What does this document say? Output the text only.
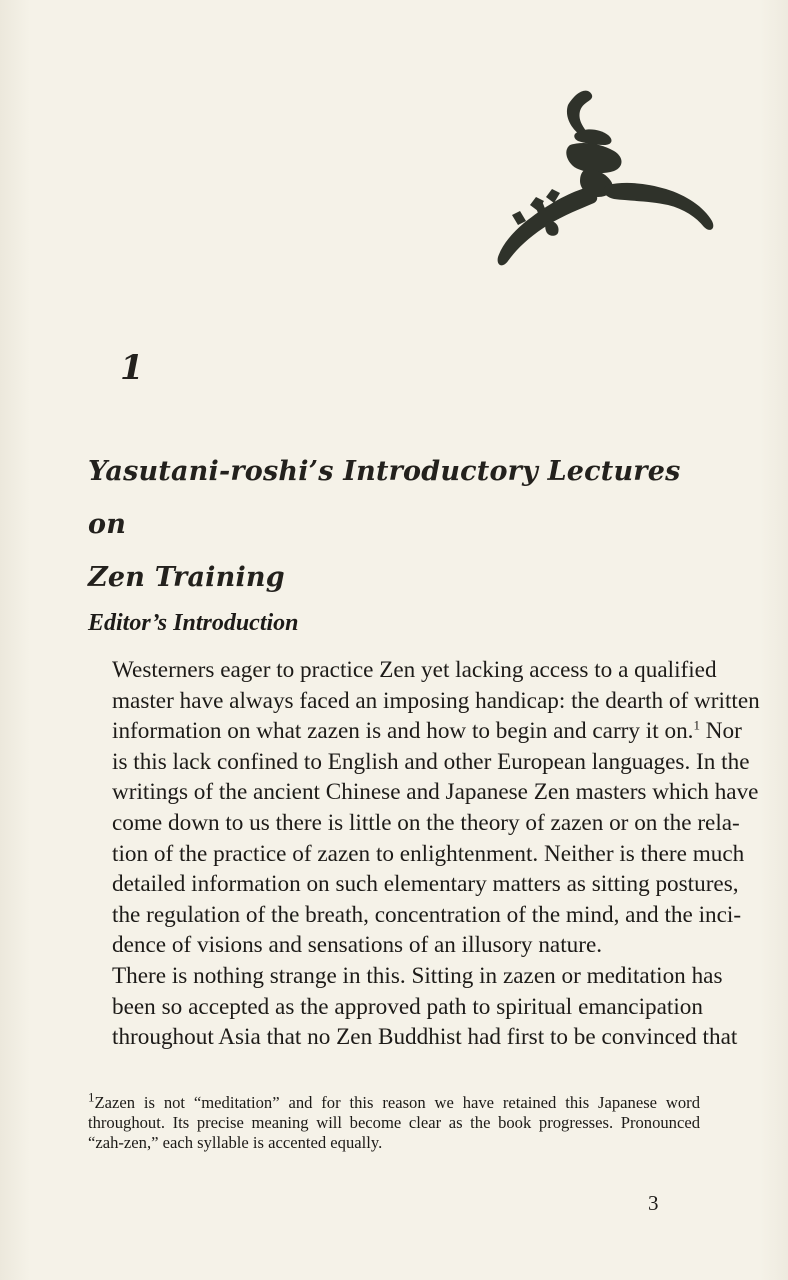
1
Yasutani-roshi’s Introductory Lectures on
Zen Training
Editor’s Introduction

Westerners eager to practice Zen yet lacking access to a qualified
master have always faced an imposing handicap: the dearth of written
information on what zazen is and how to begin and carry it on.$^1$ Nor
is this lack confined to English and other European languages. In the
writings of the ancient Chinese and Japanese Zen masters which have
come down to us there is little on the theory of zazen or on the rela-
tion of the practice of zazen to enlightenment. Neither is there much
detailed information on such elementary matters as sitting postures,
the regulation of the breath, concentration of the mind, and the inci-
dence of visions and sensations of an illusory nature.

There is nothing strange in this. Sitting in zazen or meditation has
been so accepted as the approved path to spiritual emancipation
throughout Asia that no Zen Buddhist had first to be convinced that

$^1$Zazen is not “meditation” and for this reason we have retained this Japanese word
throughout. Its precise meaning will become clear as the book progresses. Pronounced
“zah-zen,” each syllable is accented equally.
3
